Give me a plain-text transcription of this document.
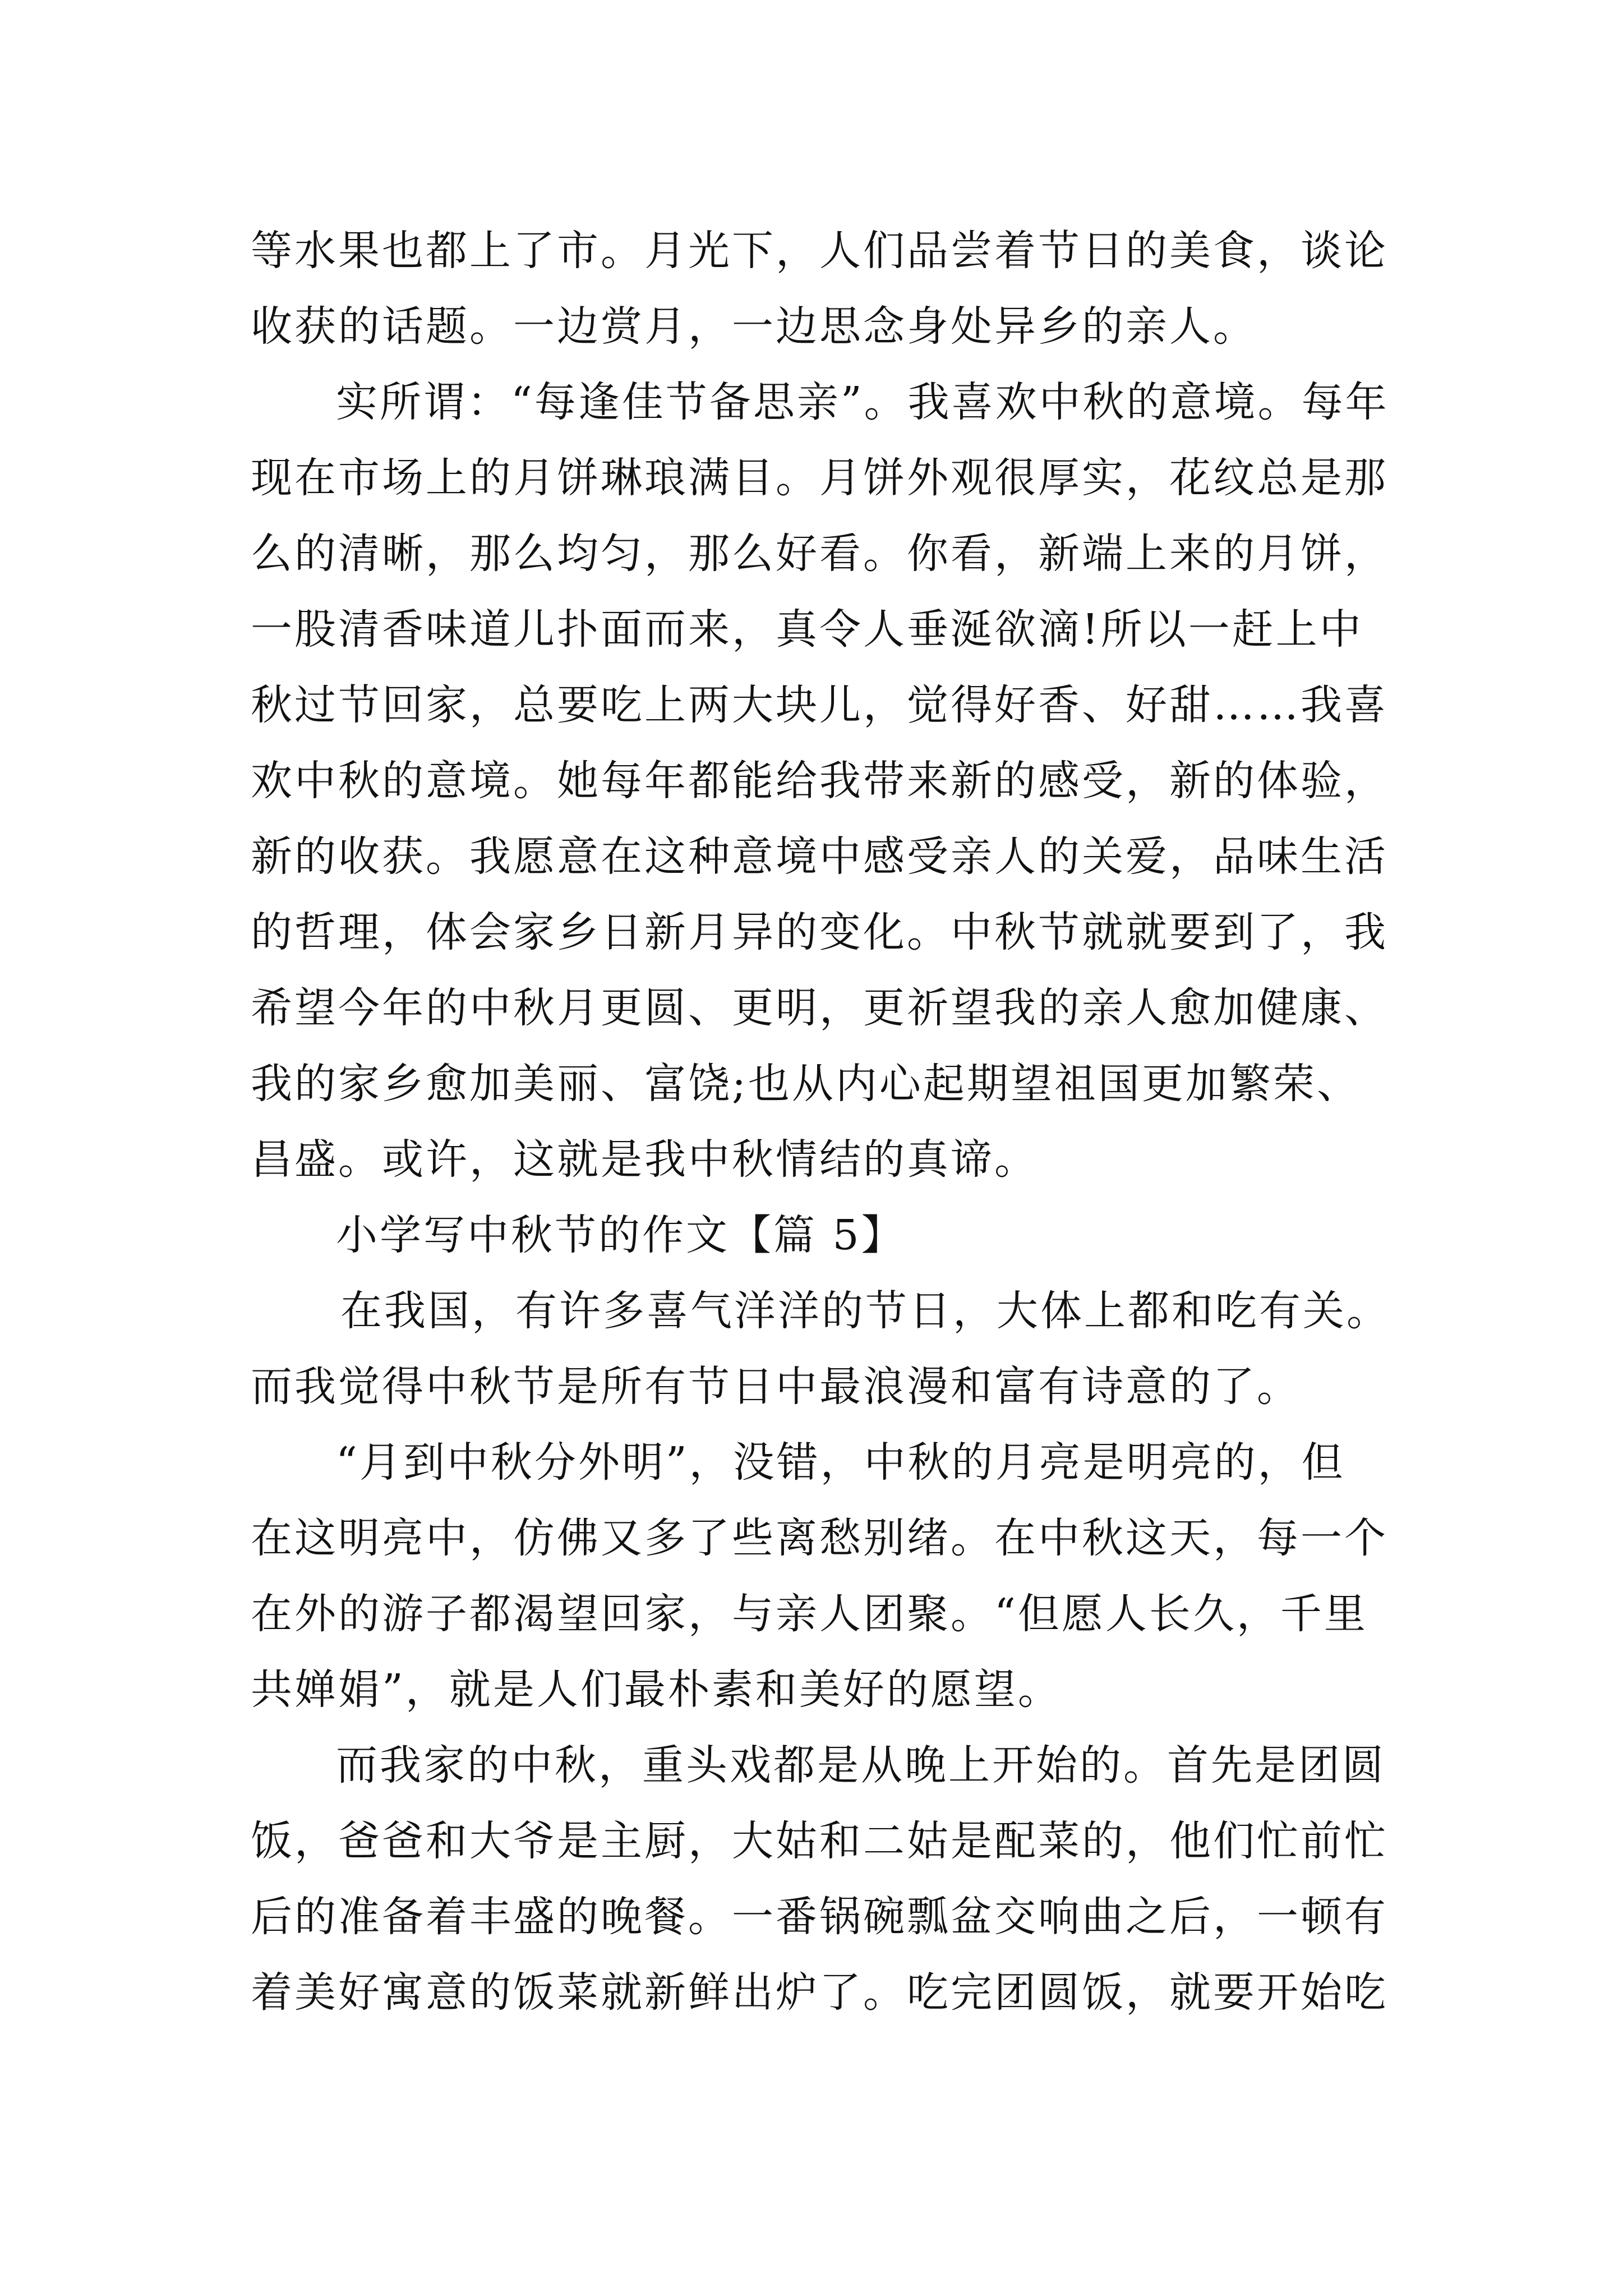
等水果也都上了市。月光下，人们品尝着节日的美食，谈论
收获的话题。一边赏月，一边思念身处异乡的亲人。
实所谓：“每逢佳节备思亲”。我喜欢中秋的意境。每年
现在市场上的月饼琳琅满目。月饼外观很厚实，花纹总是那
么的清晰，那么均匀，那么好看。你看，新端上来的月饼，
一股清香味道儿扑面而来，真令人垂涎欲滴!所以一赶上中
秋过节回家，总要吃上两大块儿，觉得好香、好甜……我喜
欢中秋的意境。她每年都能给我带来新的感受，新的体验，
新的收获。我愿意在这种意境中感受亲人的关爱，品味生活
的哲理，体会家乡日新月异的变化。中秋节就就要到了，我
希望今年的中秋月更圆、更明，更祈望我的亲人愈加健康、
我的家乡愈加美丽、富饶;也从内心起期望祖国更加繁荣、
昌盛。或许，这就是我中秋情结的真谛。
小学写中秋节的作文【篇 5】
在我国，有许多喜气洋洋的节日，大体上都和吃有关。
而我觉得中秋节是所有节日中最浪漫和富有诗意的了。
“月到中秋分外明”，没错，中秋的月亮是明亮的，但
在这明亮中，仿佛又多了些离愁别绪。在中秋这天，每一个
在外的游子都渴望回家，与亲人团聚。“但愿人长久，千里
共婵娟”，就是人们最朴素和美好的愿望。
而我家的中秋，重头戏都是从晚上开始的。首先是团圆
饭，爸爸和大爷是主厨，大姑和二姑是配菜的，他们忙前忙
后的准备着丰盛的晚餐。一番锅碗瓢盆交响曲之后，一顿有
着美好寓意的饭菜就新鲜出炉了。吃完团圆饭，就要开始吃
